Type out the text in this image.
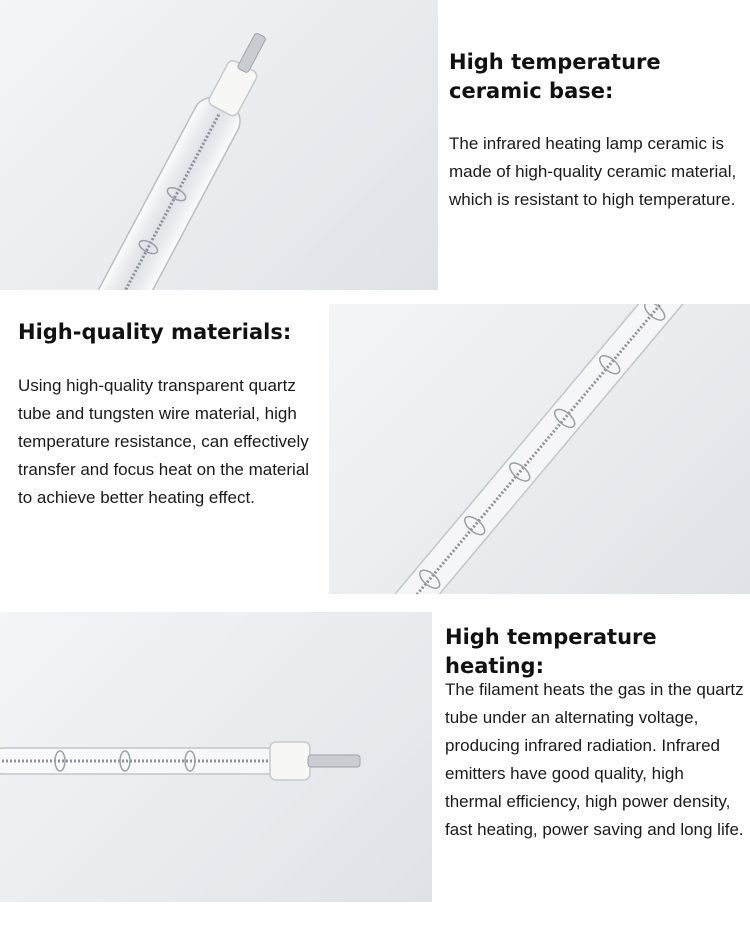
High temperature ceramic base:

The infrared heating lamp ceramic is made of high-quality ceramic material, which is resistant to high temperature.

High-quality materials:

Using high-quality transparent quartz tube and tungsten wire material, high temperature resistance, can effectively transfer and focus heat on the material to achieve better heating effect.

High temperature heating:

The filament heats the gas in the quartz tube under an alternating voltage, producing infrared radiation. Infrared emitters have good quality, high thermal efficiency, high power density, fast heating, power saving and long life.
